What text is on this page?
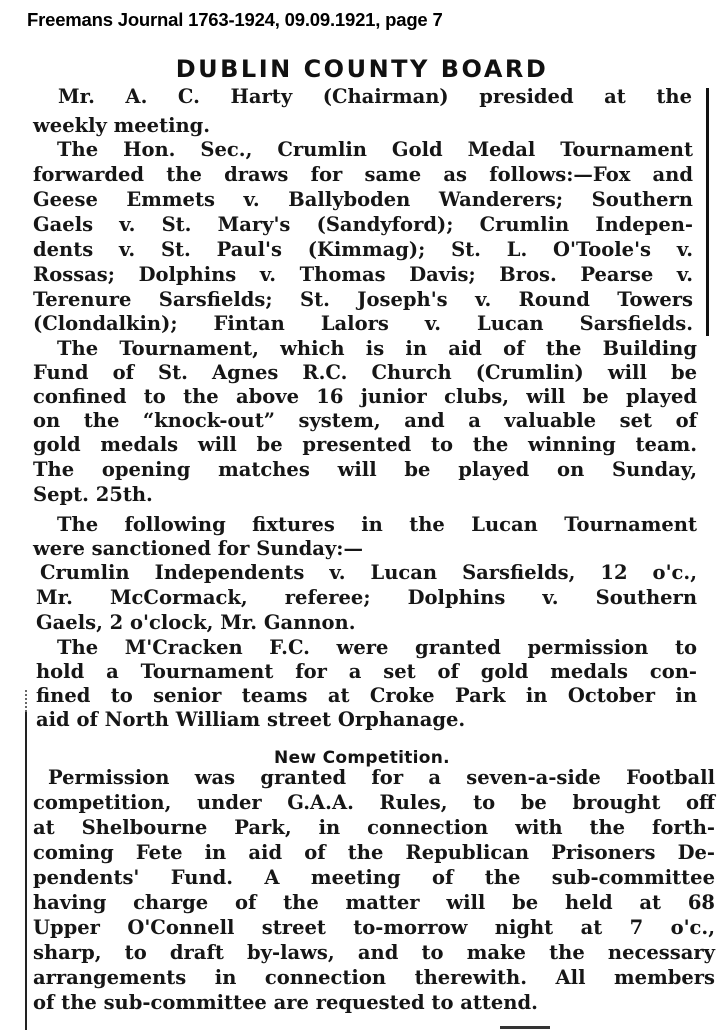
Freemans Journal 1763-1924, 09.09.1921, page 7
DUBLIN COUNTY BOARD
Mr. A. C. Harty (Chairman) presided at the
weekly meeting.
The Hon. Sec., Crumlin Gold Medal Tournament
forwarded the draws for same as follows:—Fox and
Geese Emmets v. Ballyboden Wanderers; Southern
Gaels v. St. Mary's (Sandyford); Crumlin Indepen-
dents v. St. Paul's (Kimmag); St. L. O'Toole's v.
Rossas; Dolphins v. Thomas Davis; Bros. Pearse v.
Terenure Sarsfields; St. Joseph's v. Round Towers
(Clondalkin); Fintan Lalors v. Lucan Sarsfields.
The Tournament, which is in aid of the Building
Fund of St. Agnes R.C. Church (Crumlin) will be
confined to the above 16 junior clubs, will be played
on the “knock-out” system, and a valuable set of
gold medals will be presented to the winning team.
The opening matches will be played on Sunday,
Sept. 25th.
The following fixtures in the Lucan Tournament
were sanctioned for Sunday:—
Crumlin Independents v. Lucan Sarsfields, 12 o'c.,
Mr. McCormack, referee; Dolphins v. Southern
Gaels, 2 o'clock, Mr. Gannon.
The M'Cracken F.C. were granted permission to
hold a Tournament for a set of gold medals con-
fined to senior teams at Croke Park in October in
aid of North William street Orphanage.
Permission was granted for a seven-a-side Football
competition, under G.A.A. Rules, to be brought off
at Shelbourne Park, in connection with the forth-
coming Fete in aid of the Republican Prisoners De-
pendents' Fund. A meeting of the sub-committee
having charge of the matter will be held at 68
Upper O'Connell street to-morrow night at 7 o'c.,
sharp, to draft by-laws, and to make the necessary
arrangements in connection therewith. All members
of the sub-committee are requested to attend.
New Competition.
